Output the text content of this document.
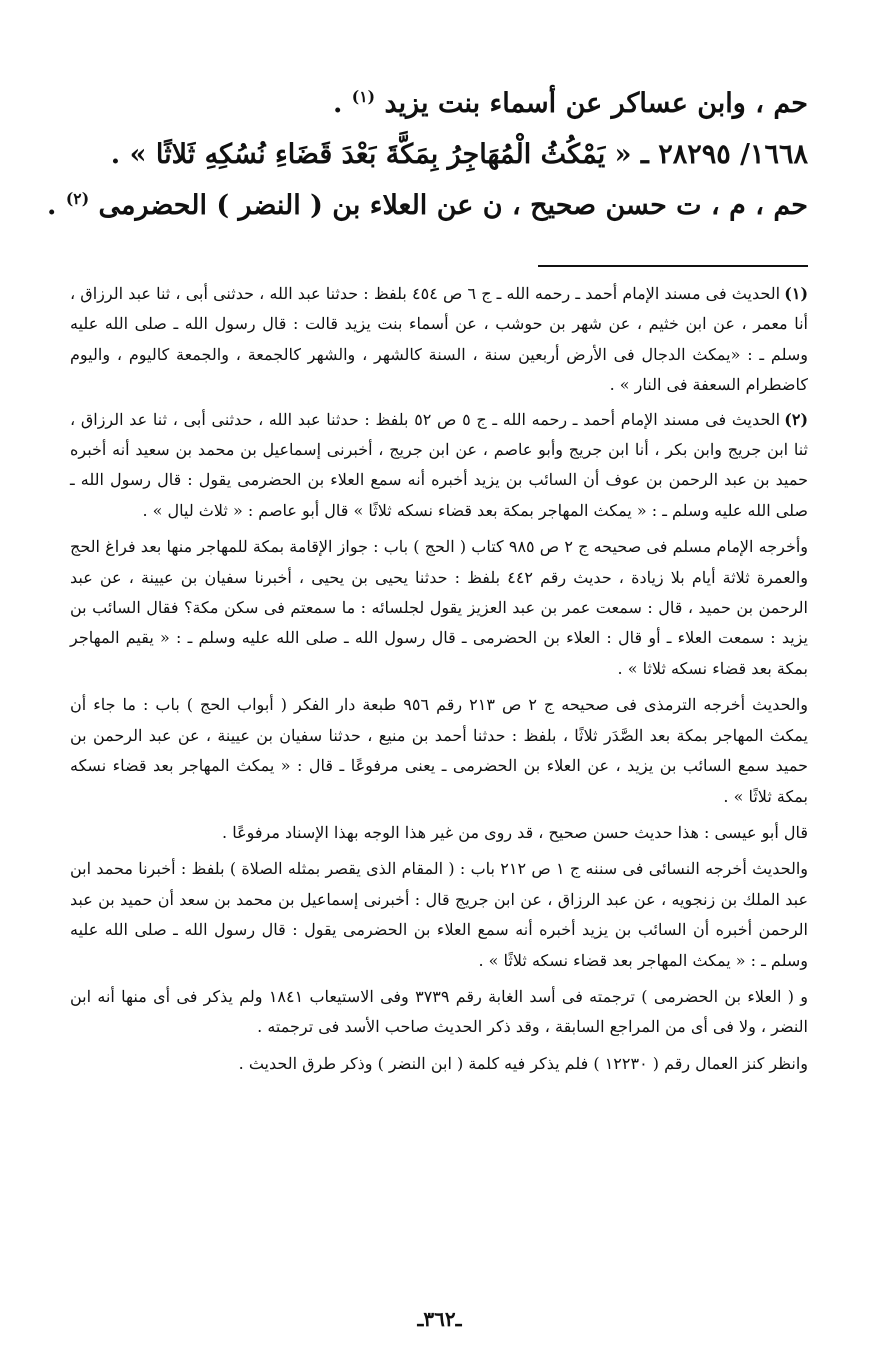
حم ، وابن عساكر عن أسماء بنت يزيد $^{(١)}$ .
١٦٦٨/ ٢٨٢٩٥ ـ « يَمْكُثُ الْمُهَاجِرُ بِمَكَّةَ بَعْدَ قَضَاءِ نُسُكِهِ ثَلاثًا » .
حم ، م ، ت حسن صحيح ، ن عن العلاء بن ( النضر ) الحضرمى $^{(٢)}$ .

(١)الحديث فى مسند الإمام أحمد ـ رحمه الله ـ ج ٦ ص ٤٥٤ بلفظ : حدثنا عبد الله ، حدثنى أبى ، ثنا عبد الرزاق ، أنا معمر ، عن ابن خثيم ، عن شهر بن حوشب ، عن أسماء بنت يزيد قالت : قال رسول الله ـ صلى الله عليه وسلم ـ : «يمكث الدجال فى الأرض أربعين سنة ، السنة كالشهر ، والشهر كالجمعة ، والجمعة كاليوم ، واليوم كاضطرام السعفة فى النار » .

(٢)الحديث فى مسند الإمام أحمد ـ رحمه الله ـ ج ٥ ص ٥٢ بلفظ : حدثنا عبد الله ، حدثنى أبى ، ثنا عد الرزاق ، ثنا ابن جريج وابن بكر ، أنا ابن جريج وأبو عاصم ، عن ابن جريج ، أخبرنى إسماعيل بن محمد بن سعيد أنه أخبره حميد بن عبد الرحمن بن عوف أن السائب بن يزيد أخبره أنه سمع العلاء بن الحضرمى يقول : قال رسول الله ـ صلى الله عليه وسلم ـ : « يمكث المهاجر بمكة بعد قضاء نسكه ثلاثًا » قال أبو عاصم : « ثلاث ليال » .

وأخرجه الإمام مسلم فى صحيحه ج ٢ ص ٩٨٥ كتاب ( الحج ) باب : جواز الإقامة بمكة للمهاجر منها بعد فراغ الحج والعمرة ثلاثة أيام بلا زيادة ، حديث رقم ٤٤٢ بلفظ : حدثنا يحيى بن يحيى ، أخبرنا سفيان بن عيينة ، عن عبد الرحمن بن حميد ، قال : سمعت عمر بن عبد العزيز يقول لجلسائه : ما سمعتم فى سكن مكة؟ فقال السائب بن يزيد : سمعت العلاء ـ أو قال : العلاء بن الحضرمى ـ قال رسول الله ـ صلى الله عليه وسلم ـ : « يقيم المهاجر بمكة بعد قضاء نسكه ثلاثا » .

والحديث أخرجه الترمذى فى صحيحه ج ٢ ص ٢١٣ رقم ٩٥٦ طبعة دار الفكر ( أبواب الحج ) باب : ما جاء أن يمكث المهاجر بمكة بعد الصَّدَر ثلاثًا ، بلفظ : حدثنا أحمد بن منيع ، حدثنا سفيان بن عيينة ، عن عبد الرحمن بن حميد سمع السائب بن يزيد ، عن العلاء بن الحضرمى ـ يعنى مرفوعًا ـ قال : « يمكث المهاجر بعد قضاء نسكه بمكة ثلاثًا » .

قال أبو عيسى : هذا حديث حسن صحيح ، قد روى من غير هذا الوجه بهذا الإسناد مرفوعًا .

والحديث أخرجه النسائى فى سننه ج ١ ص ٢١٢ باب : ( المقام الذى يقصر بمثله الصلاة ) بلفظ : أخبرنا محمد ابن عبد الملك بن زنجويه ، عن عبد الرزاق ، عن ابن جريج قال : أخبرنى إسماعيل بن محمد بن سعد أن حميد بن عبد الرحمن أخبره أن السائب بن يزيد أخبره أنه سمع العلاء بن الحضرمى يقول : قال رسول الله ـ صلى الله عليه وسلم ـ : « يمكث المهاجر بعد قضاء نسكه ثلاثًا » .

و ( العلاء بن الحضرمى ) ترجمته فى أسد الغابة رقم ٣٧٣٩ وفى الاستيعاب ١٨٤١ ولم يذكر فى أى منها أنه ابن النضر ، ولا فى أى من المراجع السابقة ، وقد ذكر الحديث صاحب الأسد فى ترجمته .

وانظر كنز العمال رقم ( ١٢٢٣٠ ) فلم يذكر فيه كلمة ( ابن النضر ) وذكر طرق الحديث .

ـ٣٦٢ـ
